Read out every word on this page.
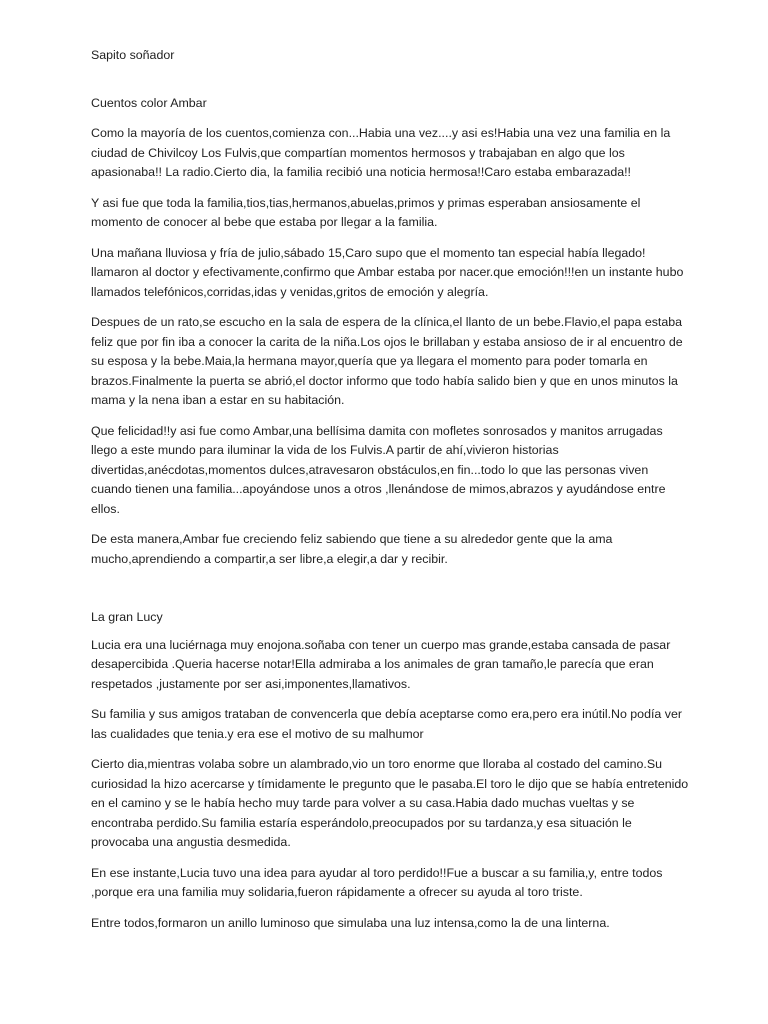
Sapito soñador

Cuentos color Ambar

Como la mayoría de los cuentos,comienza con...Habia una vez....y asi es!Habia una vez una familia en la ciudad de Chivilcoy Los Fulvis,que compartían momentos hermosos y trabajaban en algo que los apasionaba!! La radio.Cierto dia, la familia recibió una noticia hermosa!!Caro estaba embarazada!!

Y asi fue que toda la familia,tios,tias,hermanos,abuelas,primos y primas esperaban ansiosamente el momento de conocer al bebe que estaba por llegar a la familia.

Una mañana lluviosa y fría de julio,sábado 15,Caro supo que el momento tan especial había llegado! llamaron al doctor y efectivamente,confirmo que Ambar estaba por nacer.que emoción!!!en un instante hubo llamados telefónicos,corridas,idas y venidas,gritos de emoción y alegría.

Despues de un rato,se escucho en la sala de espera de la clínica,el llanto de un bebe.Flavio,el papa estaba feliz que por fin iba a conocer la carita de la niña.Los ojos le brillaban y estaba ansioso de ir al encuentro de su esposa y la bebe.Maia,la hermana mayor,quería que ya llegara el momento para poder tomarla en brazos.Finalmente la puerta se abrió,el doctor informo que todo había salido bien y que en unos minutos la mama y la nena iban a estar en su habitación.

Que felicidad!!y asi fue como Ambar,una bellísima damita con mofletes sonrosados y manitos arrugadas llego a este mundo para iluminar la vida de los Fulvis.A partir de ahí,vivieron historias divertidas,anécdotas,momentos dulces,atravesaron obstáculos,en fin...todo lo que las personas viven cuando tienen una familia...apoyándose unos a otros ,llenándose de mimos,abrazos y ayudándose entre ellos.

De esta manera,Ambar fue creciendo feliz sabiendo que tiene a su alrededor gente que la ama mucho,aprendiendo a compartir,a ser libre,a elegir,a dar y recibir.

La gran Lucy

Lucia era una luciérnaga muy enojona.soñaba con tener un cuerpo mas grande,estaba cansada de pasar desapercibida .Queria hacerse notar!Ella admiraba a los animales de gran tamaño,le parecía que eran respetados ,justamente por ser asi,imponentes,llamativos.

Su familia y sus amigos trataban de convencerla que debía aceptarse como era,pero era inútil.No podía ver las cualidades que tenia.y era ese el motivo de su malhumor

Cierto dia,mientras volaba sobre un alambrado,vio un toro enorme que lloraba al costado del camino.Su curiosidad la hizo acercarse y tímidamente le pregunto que le pasaba.El toro le dijo que se había entretenido en el camino y se le había hecho muy tarde para volver a su casa.Habia dado muchas vueltas y se encontraba perdido.Su familia estaría esperándolo,preocupados por su tardanza,y esa situación le provocaba una angustia desmedida.

En ese instante,Lucia tuvo una idea para ayudar al toro perdido!!Fue a buscar a su familia,y, entre todos ,porque era una familia muy solidaria,fueron rápidamente a ofrecer su ayuda al toro triste.

Entre todos,formaron un anillo luminoso que simulaba una luz intensa,como la de una linterna.
